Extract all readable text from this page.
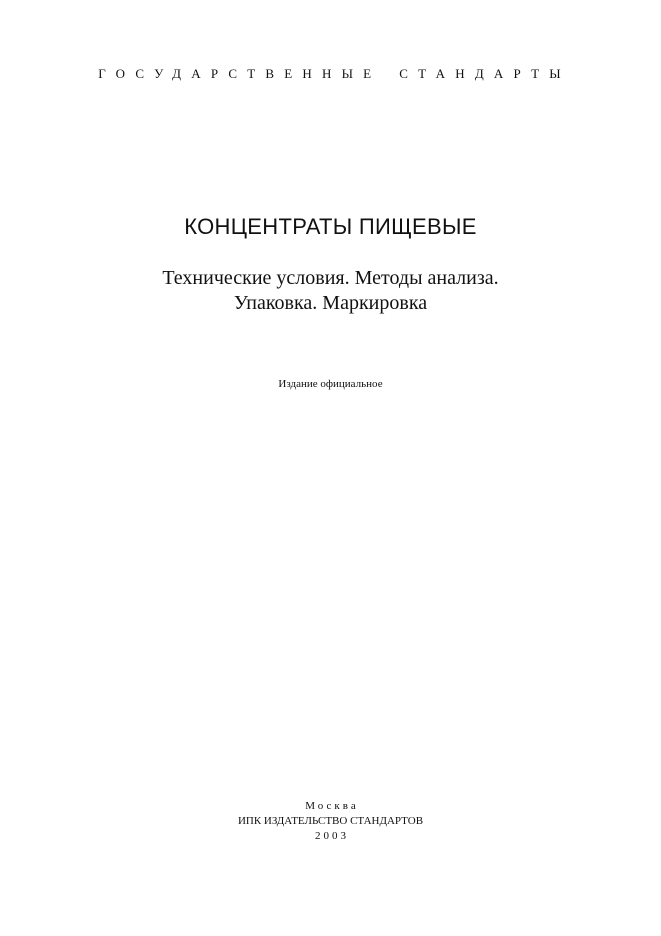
ГОСУДАРСТВЕННЫЕ СТАНДАРТЫ
КОНЦЕНТРАТЫ ПИЩЕВЫЕ
Технические условия. Методы анализа.
Упаковка. Маркировка
Издание официальное
Москва
ИПК ИЗДАТЕЛЬСТВО СТАНДАРТОВ
2003
